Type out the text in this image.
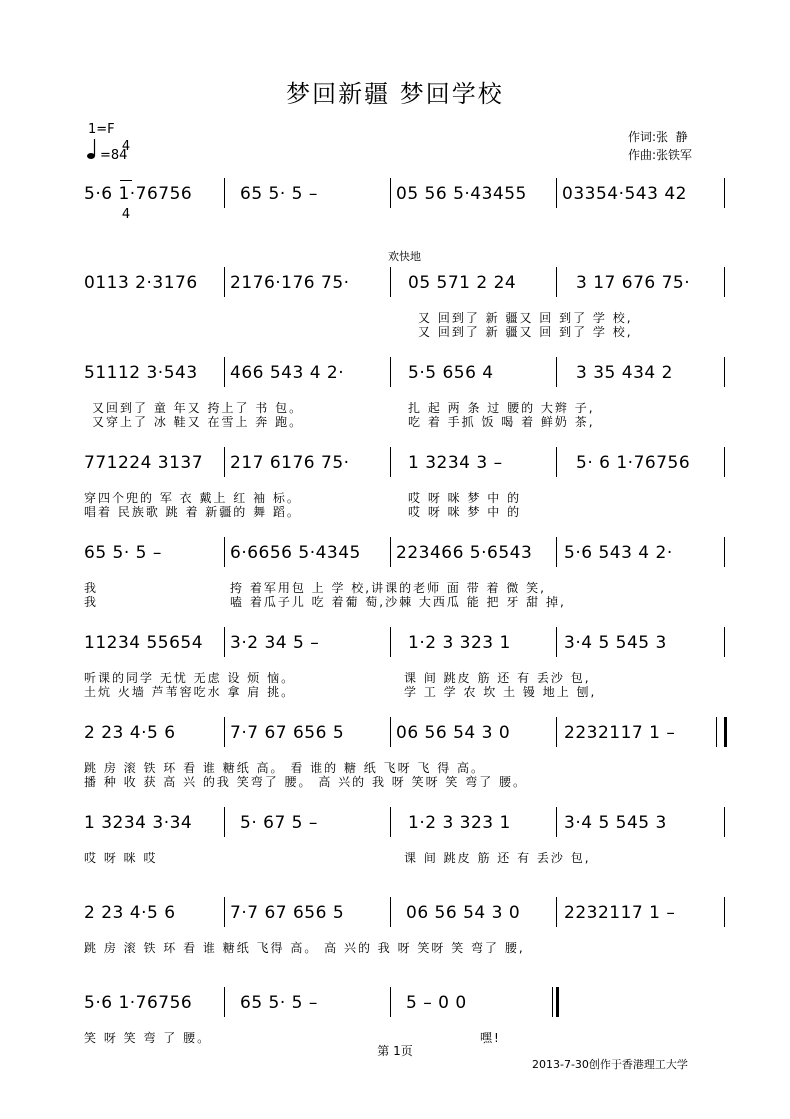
梦回新疆 梦回学校
1=F

4

4

=84
作词:张  静
作曲:张铁军
欢快地
5·6 1·76756	65 5· 5 –	05 56 5·43455 03354·543 42
0113 2·3176 2176·176 75·	05 571 2 24	3 17 676 75·
又 回到了 新 疆又 回 到了 学 校,
又 回到了 新 疆又 回 到了 学 校,
51112 3·543 466 543 4 2·	5·5 656 4	3 35 434 2
又回到了 童 年又 挎上了 书 包。
又穿上了 冰 鞋又 在雪上 奔 跑。
扎 起 两 条 过 腰的 大辫 子,
吃 着 手抓 饭 喝 着 鲜奶 茶,
771224 3137 217 6176 75·	1 3234 3 –	5· 6 1·76756
穿四个兜的 军 衣 戴上 红 袖 标。
唱着 民族歌 跳 着 新疆的 舞 蹈。
哎 呀 咪 梦 中 的
哎 呀 咪 梦 中 的
65 5· 5 –	6·6656 5·4345 223466 5·6543 5·6 543 4 2·
我
我
挎 着军用包 上 学 校,讲课的老师 面 带 着 微 笑,
嗑 着瓜子儿 吃 着葡 萄,沙棘 大西瓜 能 把 牙 甜 掉,
11234 55654 3·2 34 5 –	1·2 3 323 1	3·4 5 545 3
听课的同学 无忧 无虑 设 烦 恼。
土炕 火墙 芦苇窖吃水 拿 肩 挑。
课 间 跳皮 筋 还 有 丢沙 包,
学 工 学 农 坎 土 镘 地上 刨,
2 23 4·5 6	7·7 67 656 5	06 56 54 3 0	2232117 1 –
跳 房 滚 铁 环 看 谁 糖纸 高。 看 谁的 糖 纸 飞呀 飞 得 高。
播 种 收 获 高 兴 的我 笑弯了 腰。 高 兴的 我 呀 笑呀 笑 弯了 腰。
1 3234 3·34	5· 67 5 –	1·2 3 323 1	3·4 5 545 3
哎 呀 咪 哎	课 间 跳皮 筋 还 有 丢沙 包,
2 23 4·5 6	7·7 67 656 5	06 56 54 3 0	2232117 1 –
跳 房 滚 铁 环 看 谁 糖纸 飞得 高。 高 兴的 我 呀 笑呀 笑 弯了 腰,
5·6 1·76756	65 5· 5 –	5 – 0 0
笑 呀 笑 弯 了 腰。	嘿!
第 1页
2013-7-30创作于香港理工大学
